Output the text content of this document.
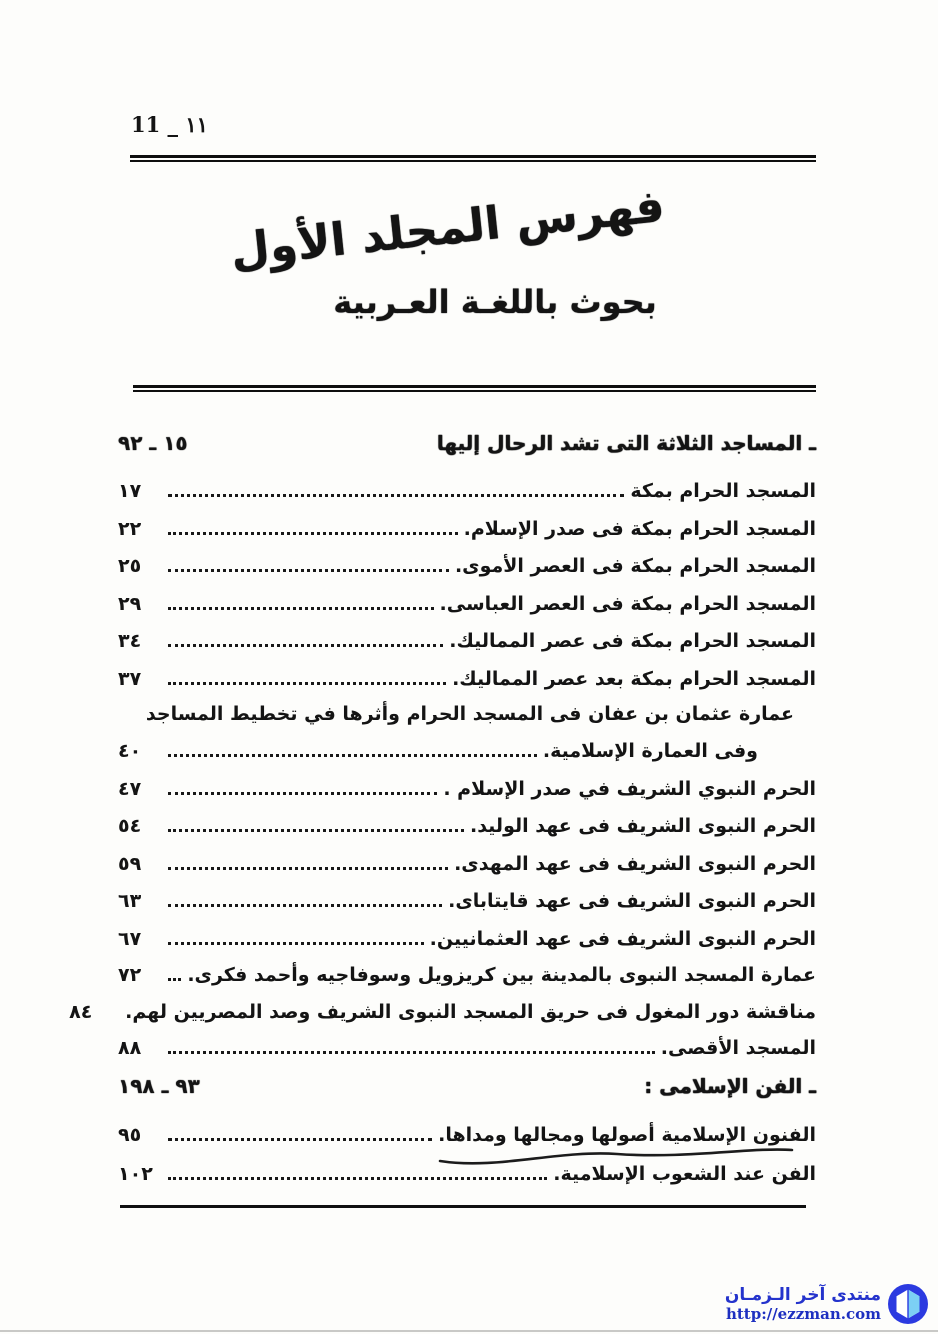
11 _ ١١
فهرس المجلد الأول
بحوث باللغـة العـربية
ـ المساجد الثلاثة التى تشد الرحال إليها
١٥ ـ ٩٢
المسجد الحرام بمكة
١٧
المسجد الحرام بمكة فى صدر الإسلام.
٢٢
المسجد الحرام بمكة فى العصر الأموى.
٢٥
المسجد الحرام بمكة فى العصر العباسى.
٢٩
المسجد الحرام بمكة فى عصر المماليك.
٣٤
المسجد الحرام بمكة بعد عصر المماليك.
٣٧
عمارة عثمان بن عفان فى المسجد الحرام وأثرها في تخطيط المساجد
وفى العمارة الإسلامية.
٤٠
الحرم النبوي الشريف في صدر الإسلام .
٤٧
الحرم النبوى الشريف فى عهد الوليد.
٥٤
الحرم النبوى الشريف فى عهد المهدى.
٥٩
الحرم النبوى الشريف فى عهد قايتاباى.
٦٣
الحرم النبوى الشريف فى عهد العثمانيين.
٦٧
عمارة المسجد النبوى بالمدينة بين كريزويل وسوفاجيه وأحمد فكرى.
٧٢
مناقشة دور المغول فى حريق المسجد النبوى الشريف وصد المصريين لهم.
٨٤
المسجد الأقصى.
٨٨
ـ الفن الإسلامى :
٩٣ ـ ١٩٨
الفنون الإسلامية أصولها ومجالها ومداها.
٩٥
الفن عند الشعوب الإسلامية.
١٠٢
منتدى آخر الـزمـان
http://ezzman.com
